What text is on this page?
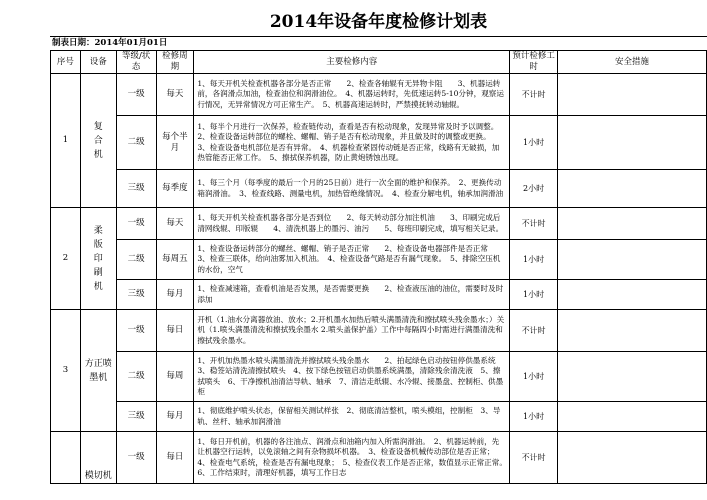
2014年设备年度检修计划表
制表日期：2014年01月01日
序号	设备	等级/状态	检修周期	主要检修内容	预计检修工时	安全措施
1	复合机	一级	每天	1、每天开机关检查机器各部分是否正常　　2、检查各轴辊有无异物卡阻　　3、机器运转前，各润滑点加油，检查油位和润滑油位。　4、机器运转时，先低速运转5-10分钟，观察运行情况，无异常情况方可正常生产。　5、机器高速运转时，严禁摸抚转动轴辊。	不计时	
		二级	每个半月	1、每半个月进行一次保养，检查链传动，查看是否有松动现象，发现异常及时予以调整。　2、检查设备运转部位的螺栓、螺帽、销子是否有松动现象，并且做及时的调整或更换。　3、检查设备电机部位是否有异常。　4、机器检查紧固传动链是否正常，线路有无破损，加热管能否正常工作。　5、擦拭保养机器，防止黄炮锈蚀出现。	1小时	
		三级	每季度	1、每三个月（每季度的最后一个月的25日前）进行一次全面的维护和保养。　2、更换传动箱润滑油。　3、检查线路、测量电机，加热管绝缘情况。　4、检查分解电机，轴承加润滑油	2小时	
2	柔版印刷机	一级	每天	1、每天开机关检查机器各部分是否到位　　2、每天转动部分加注机油　　3、印刷完成后清网线辊、印版辊　　4、清洗机器上的墨污、油污　　5、每班印刷完成，填写相关记录。	不计时	
		二级	每周五	1、检查设备运转部分的螺丝、螺帽、销子是否正常　　2、检查设备电器部件是否正常　　3、检查三联体，给向油雾加入机油。　4、检查设备气路是否有漏气现象。　5、排除空压机的水份，空气	1小时	
		三级	每月	1、检查减速箱，查看机油是否发黑，是否需要更换　　2、检查液压油的油位，需要时及时添加	1小时	
3	方正喷墨机	一级	每日	开机（1.油水分离器放油、放水；2.开机墨水加热后喷头满墨清洗和擦拭喷头残余墨水；）关机（1.喷头满墨清洗和擦拭残余墨水 2.喷头盖保护盖）工作中每隔四小时需进行满墨清洗和擦拭残余墨水。	不计时	
		二级	每周	1、开机加热墨水喷头满墨清洗并擦拭喷头残余墨水　　2、拍起绿色启动按钮停供墨系统　3、稳签站清洗清擦拭喷头　4、按下绿色按钮启动供墨系统满墨，清除残余清洗液　5、擦拭喷头　6、干净擦机油清洁导轨、轴承　7、清洁走纸辊、水冷辊、接墨盘、控制柜、供墨柜	1小时	
		三级	每月	1、彻底维护喷头状态，保留相关测试样张　2、彻底清洁整机，喷头模组，控制柜　3、导轨、丝杆、轴承加润滑油	1小时	
	模切机	一级	每日	1、每日开机前，机器的各注油点、润滑点和油箱内加入所需润滑油。　2、机器运转前，先让机器空行运转，以免滚轴之间有杂物损坏机器。　3、检查设备机械传动部位是否正常；　4、检查电气系统，检查是否有漏电现象；　5、检查仪表工作是否正常，数值显示正常正常。　6、工作结束时，清理好机器，填写工作日志	不计时	
